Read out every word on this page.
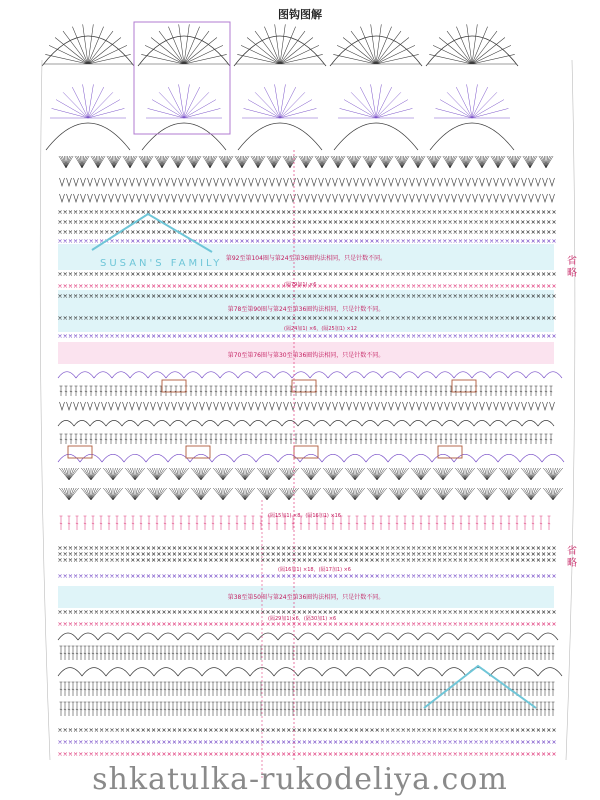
图钩图解
第92至第104圈与第24至第36圈钩法相同，只是针数不同。
第78至第90圈与第24至第36圈钩法相同，只是针数不同。
第70至第76圈与第30至第36圈钩法相同，只是针数不同。
第38至第50圈与第24至第36圈钩法相同，只是针数不同。
(隔79加1) ×6
(隔24加1) ×6，(隔25加1) ×12
(隔15加1) ×8，(隔16加1) ×16
(隔16加1) ×18，(隔17加1) ×6
(隔29加1)×6，(隔30加1) ×6
省略
省略
SUSAN'S FAMILY
shkatulka-rukodeliya.com
